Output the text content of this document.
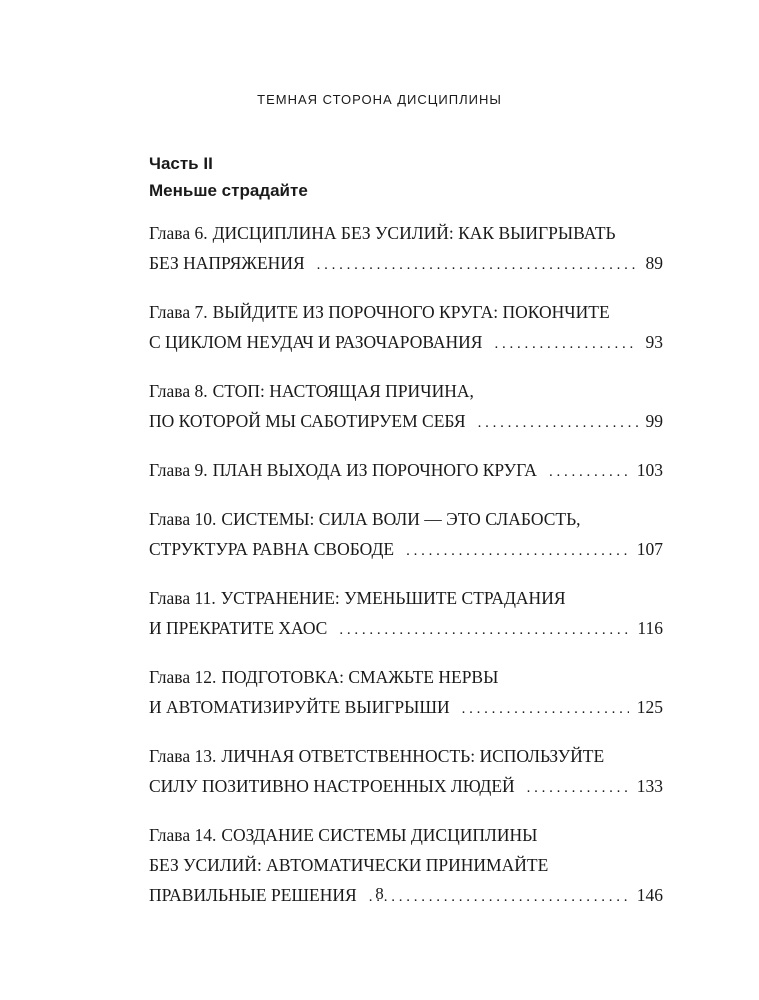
ТЕМНАЯ СТОРОНА ДИСЦИПЛИНЫ
Часть II
Меньше страдайте
Глава 6. ДИСЦИПЛИНА БЕЗ УСИЛИЙ: КАК ВЫИГРЫВАТЬ
БЕЗ НАПРЯЖЕНИЯ . . .	89
Глава 7. ВЫЙДИТЕ ИЗ ПОРОЧНОГО КРУГА: ПОКОНЧИТЕ
С ЦИКЛОМ НЕУДАЧ И РАЗОЧАРОВАНИЯ . . .	93
Глава 8. СТОП: НАСТОЯЩАЯ ПРИЧИНА,
ПО КОТОРОЙ МЫ САБОТИРУЕМ СЕБЯ . . .	99
Глава 9. ПЛАН ВЫХОДА ИЗ ПОРОЧНОГО КРУГА . . .	103
Глава 10. СИСТЕМЫ: СИЛА ВОЛИ — ЭТО СЛАБОСТЬ,
СТРУКТУРА РАВНА СВОБОДЕ . . .	107
Глава 11. УСТРАНЕНИЕ: УМЕНЬШИТЕ СТРАДАНИЯ
И ПРЕКРАТИТЕ ХАОС . . .	116
Глава 12. ПОДГОТОВКА: СМАЖЬТЕ НЕРВЫ
И АВТОМАТИЗИРУЙТЕ ВЫИГРЫШИ . . .	125
Глава 13. ЛИЧНАЯ ОТВЕТСТВЕННОСТЬ: ИСПОЛЬЗУЙТЕ
СИЛУ ПОЗИТИВНО НАСТРОЕННЫХ ЛЮДЕЙ . . .	133
Глава 14. СОЗДАНИЕ СИСТЕМЫ ДИСЦИПЛИНЫ
БЕЗ УСИЛИЙ: АВТОМАТИЧЕСКИ ПРИНИМАЙТЕ
ПРАВИЛЬНЫЕ РЕШЕНИЯ . . .	146
8
